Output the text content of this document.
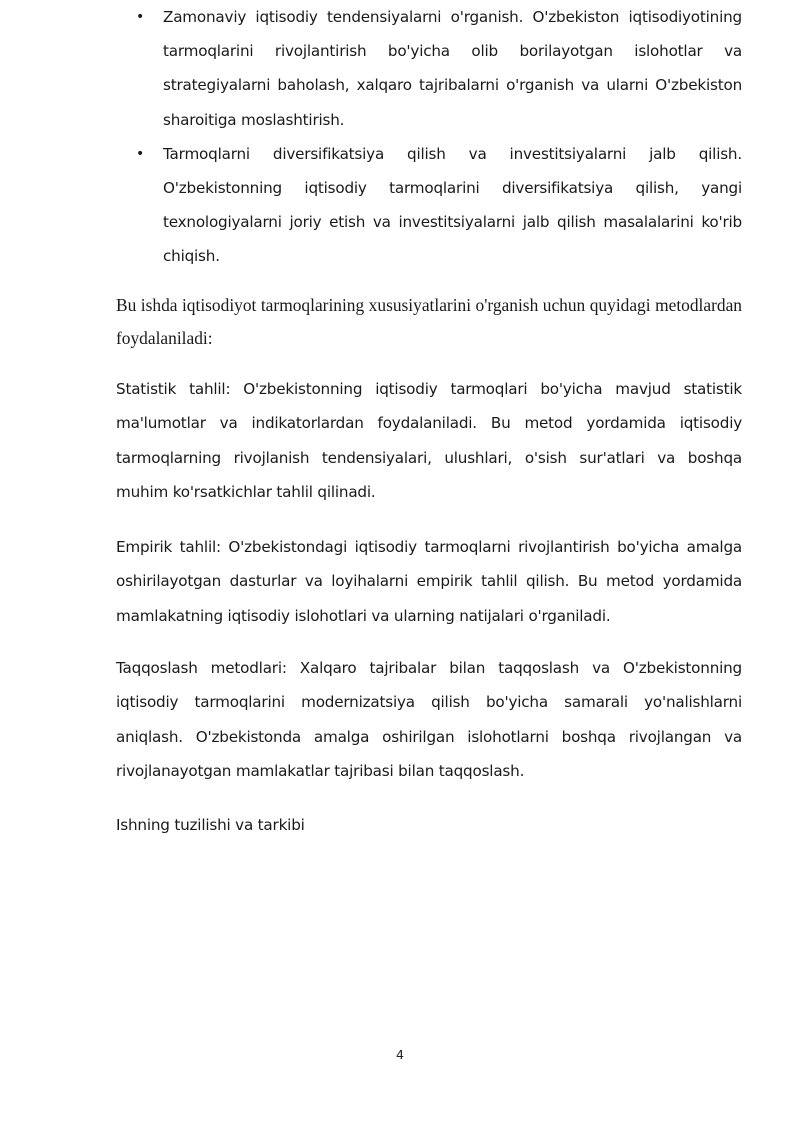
• Zamonaviy iqtisodiy tendensiyalarni o'rganish. O'zbekiston iqtisodiyotining tarmoqlarini rivojlantirish bo'yicha olib borilayotgan islohotlar va strategiyalarni baholash, xalqaro tajribalarni o'rganish va ularni O'zbekiston sharoitiga moslashtirish.
• Tarmoqlarni diversifikatsiya qilish va investitsiyalarni jalb qilish. O'zbekistonning iqtisodiy tarmoqlarini diversifikatsiya qilish, yangi texnologiyalarni joriy etish va investitsiyalarni jalb qilish masalalarini ko'rib chiqish.

Bu ishda iqtisodiyot tarmoqlarining xususiyatlarini o'rganish uchun quyidagi metodlardan foydalaniladi:

Statistik tahlil: O'zbekistonning iqtisodiy tarmoqlari bo'yicha mavjud statistik ma'lumotlar va indikatorlardan foydalaniladi. Bu metod yordamida iqtisodiy tarmoqlarning rivojlanish tendensiyalari, ulushlari, o'sish sur'atlari va boshqa muhim ko'rsatkichlar tahlil qilinadi.

Empirik tahlil: O'zbekistondagi iqtisodiy tarmoqlarni rivojlantirish bo'yicha amalga oshirilayotgan dasturlar va loyihalarni empirik tahlil qilish. Bu metod yordamida mamlakatning iqtisodiy islohotlari va ularning natijalari o'rganiladi.

Taqqoslash metodlari: Xalqaro tajribalar bilan taqqoslash va O'zbekistonning iqtisodiy tarmoqlarini modernizatsiya qilish bo'yicha samarali yo'nalishlarni aniqlash. O'zbekistonda amalga oshirilgan islohotlarni boshqa rivojlangan va rivojlanayotgan mamlakatlar tajribasi bilan taqqoslash.

Ishning tuzilishi va tarkibi

4
